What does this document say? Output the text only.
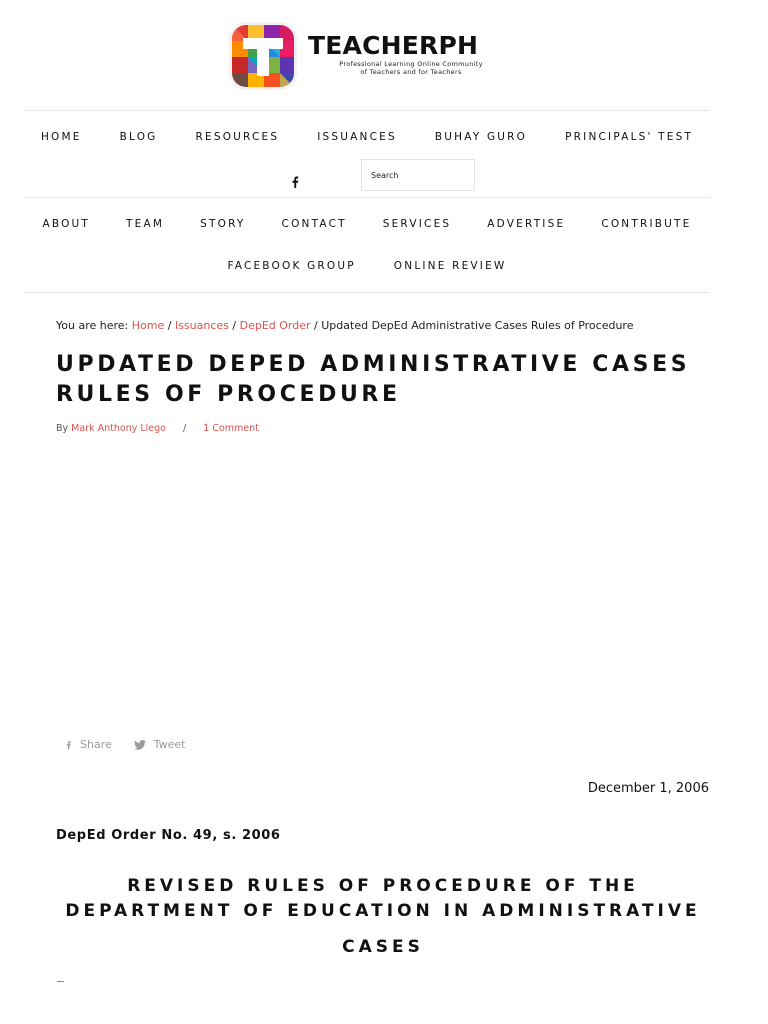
TEACHERPH
Professional Learning Online Community
of Teachers and for Teachers
HOME	BLOG	RESOURCES	ISSUANCES	BUHAY GURO	PRINCIPALS' TEST
Search
ABOUT	TEAM	STORY	CONTACT	SERVICES	ADVERTISE	CONTRIBUTE
FACEBOOK GROUP	ONLINE REVIEW
You are here: Home / Issuances / DepEd Order / Updated DepEd Administrative Cases Rules of Procedure
UPDATED DEPED ADMINISTRATIVE CASES RULES OF PROCEDURE
By Mark Anthony Llego / 1 Comment
Share	Tweet
December 1, 2006
DepEd Order No. 49, s. 2006
REVISED RULES OF PROCEDURE OF THE
DEPARTMENT OF EDUCATION IN ADMINISTRATIVE
CASES
